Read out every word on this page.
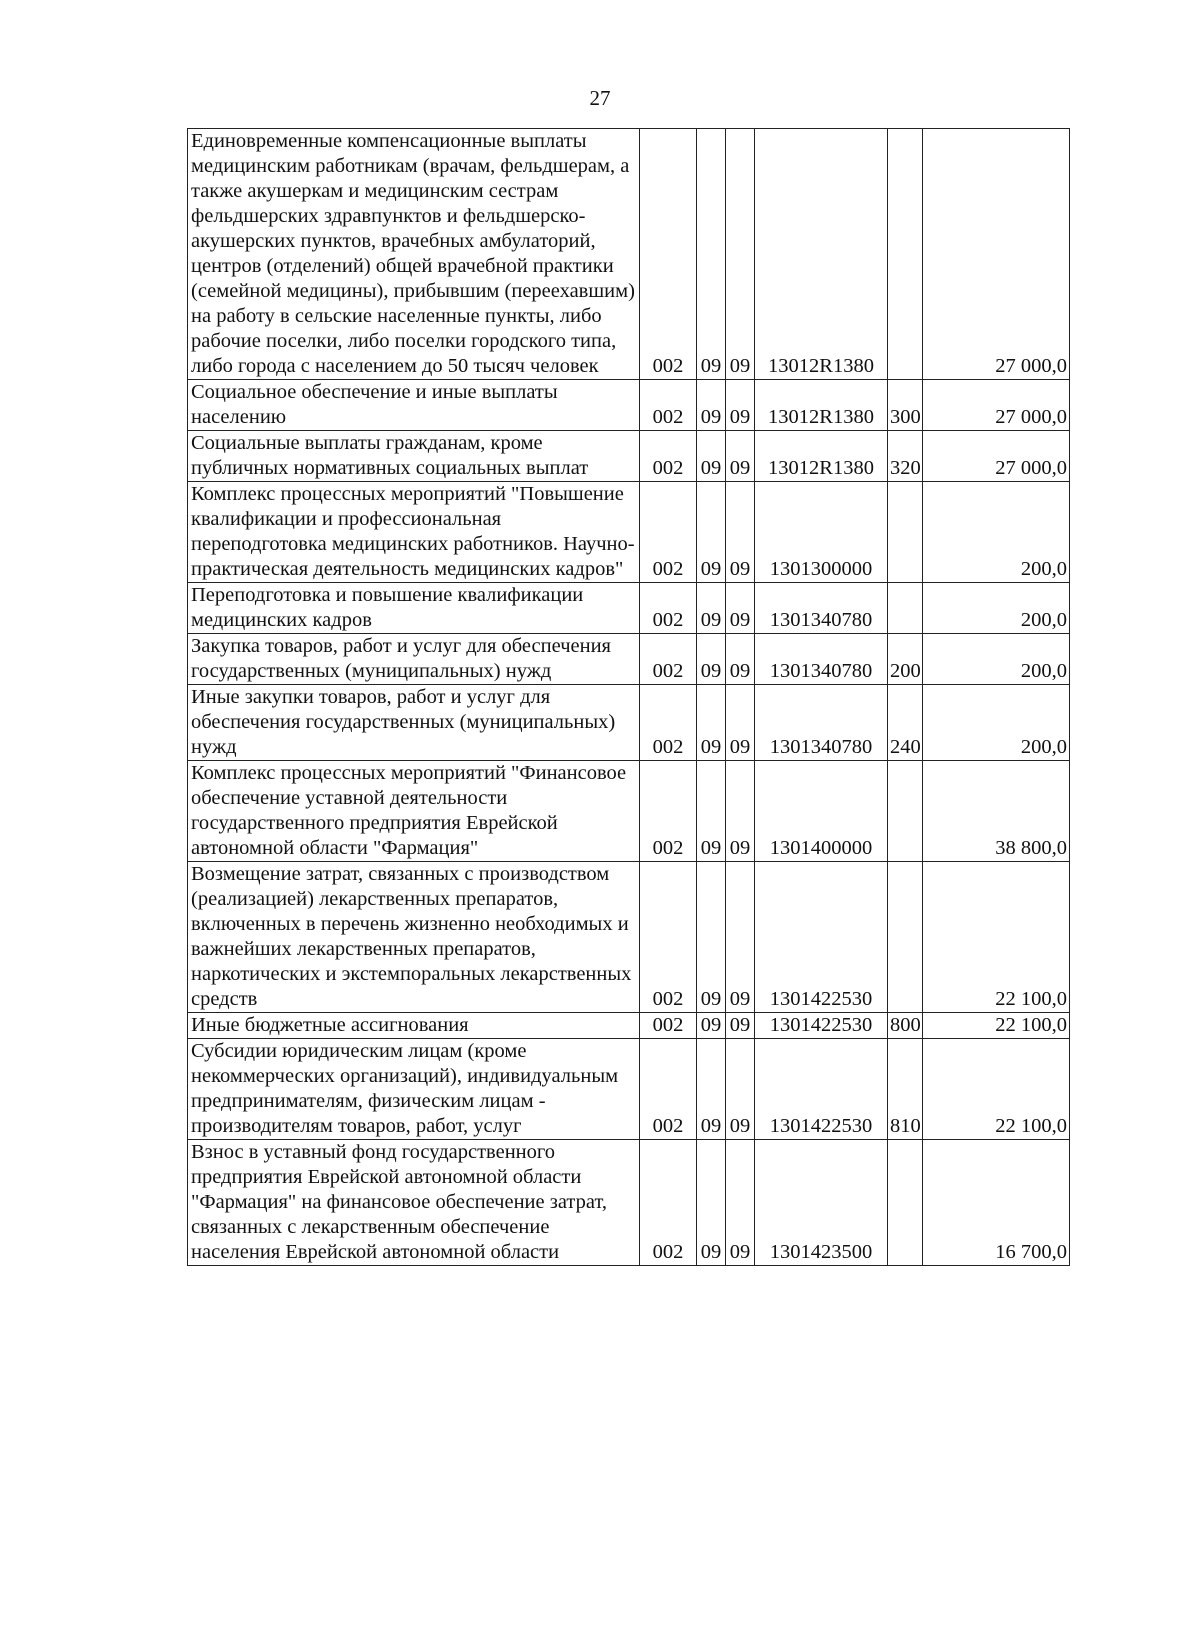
27
Единовременные компенсационные выплаты медицинским работникам (врачам, фельдшерам, а также акушеркам и медицинским сестрам фельдшерских здравпунктов и фельдшерско-акушерских пунктов, врачебных амбулаторий, центров (отделений) общей врачебной практики (семейной медицины), прибывшим (переехавшим) на работу в сельские населенные пункты, либо рабочие поселки, либо поселки городского типа, либо города с населением до 50 тысяч человек	002	09	09	13012R1380		27 000,0
Социальное обеспечение и иные выплаты населению	002	09	09	13012R1380	300	27 000,0
Социальные выплаты гражданам, кроме публичных нормативных социальных выплат	002	09	09	13012R1380	320	27 000,0
Комплекс процессных мероприятий "Повышение квалификации и профессиональная переподготовка медицинских работников. Научно-практическая деятельность медицинских кадров"	002	09	09	1301300000		200,0
Переподготовка и повышение квалификации медицинских кадров	002	09	09	1301340780		200,0
Закупка товаров, работ и услуг для обеспечения государственных (муниципальных) нужд	002	09	09	1301340780	200	200,0
Иные закупки товаров, работ и услуг для обеспечения государственных (муниципальных) нужд	002	09	09	1301340780	240	200,0
Комплекс процессных мероприятий "Финансовое обеспечение уставной деятельности государственного предприятия Еврейской автономной области "Фармация"	002	09	09	1301400000		38 800,0
Возмещение затрат, связанных с производством (реализацией) лекарственных препаратов, включенных в перечень жизненно необходимых и важнейших лекарственных препаратов, наркотических и экстемпоральных лекарственных средств	002	09	09	1301422530		22 100,0
Иные бюджетные ассигнования	002	09	09	1301422530	800	22 100,0
Субсидии юридическим лицам (кроме некоммерческих организаций), индивидуальным предпринимателям, физическим лицам - производителям товаров, работ, услуг	002	09	09	1301422530	810	22 100,0
Взнос в уставный фонд государственного предприятия Еврейской автономной области "Фармация" на финансовое обеспечение затрат, связанных с лекарственным обеспечение населения Еврейской автономной области	002	09	09	1301423500		16 700,0
